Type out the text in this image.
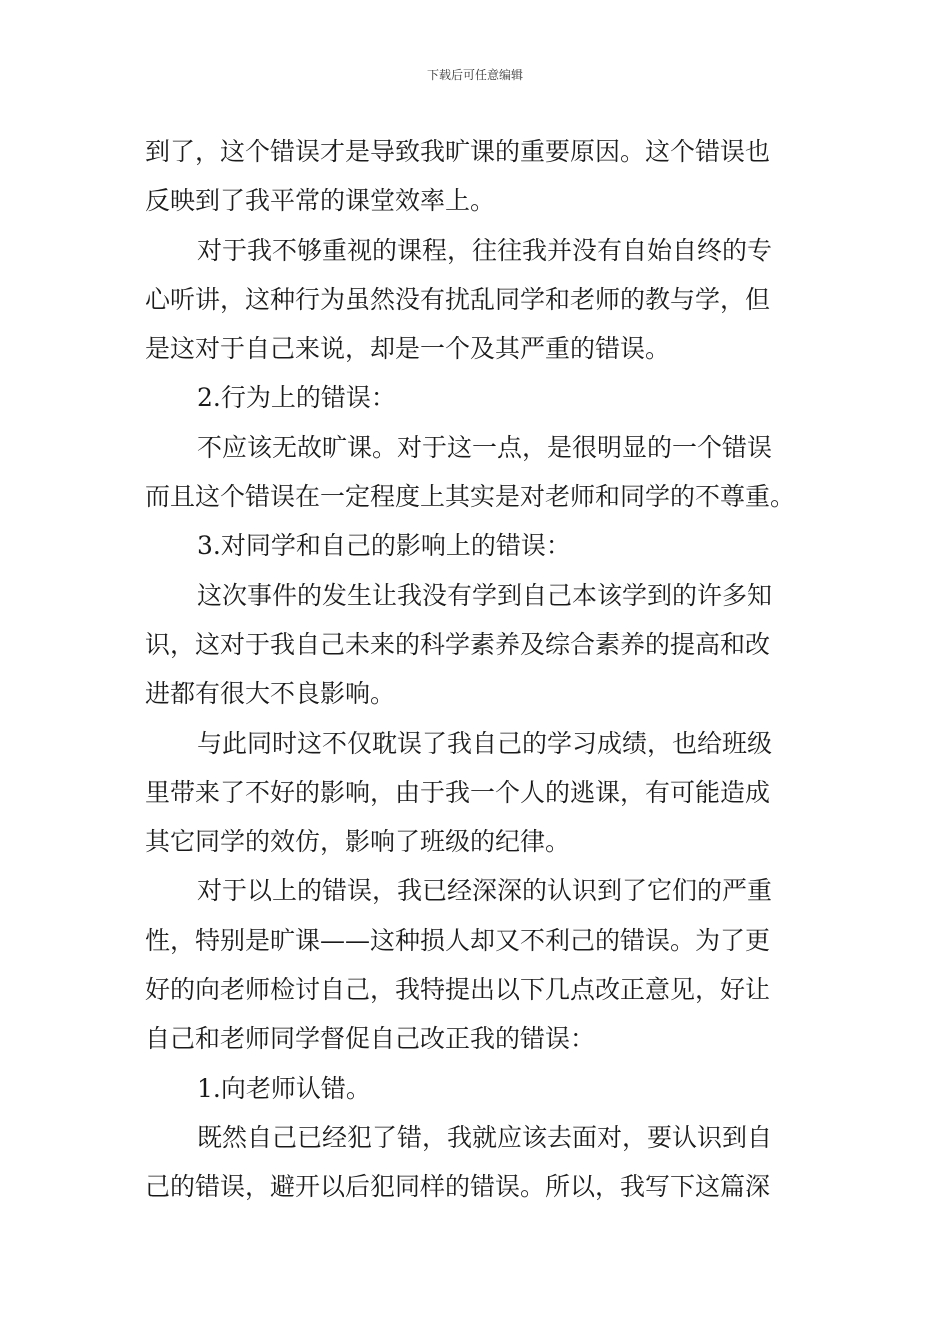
下载后可任意编辑
到了，这个错误才是导致我旷课的重要原因。这个错误也
反映到了我平常的课堂效率上。
对于我不够重视的课程，往往我并没有自始自终的专
心听讲，这种行为虽然没有扰乱同学和老师的教与学，但
是这对于自己来说，却是一个及其严重的错误。
2.行为上的错误：
不应该无故旷课。对于这一点，是很明显的一个错误
而且这个错误在一定程度上其实是对老师和同学的不尊重。
3.对同学和自己的影响上的错误：
这次事件的发生让我没有学到自己本该学到的许多知
识，这对于我自己未来的科学素养及综合素养的提高和改
进都有很大不良影响。
与此同时这不仅耽误了我自己的学习成绩，也给班级
里带来了不好的影响，由于我一个人的逃课，有可能造成
其它同学的效仿，影响了班级的纪律。
对于以上的错误，我已经深深的认识到了它们的严重
性，特别是旷课——这种损人却又不利己的错误。为了更
好的向老师检讨自己，我特提出以下几点改正意见，好让
自己和老师同学督促自己改正我的错误：
1.向老师认错。
既然自己已经犯了错，我就应该去面对，要认识到自
己的错误，避开以后犯同样的错误。所以，我写下这篇深
